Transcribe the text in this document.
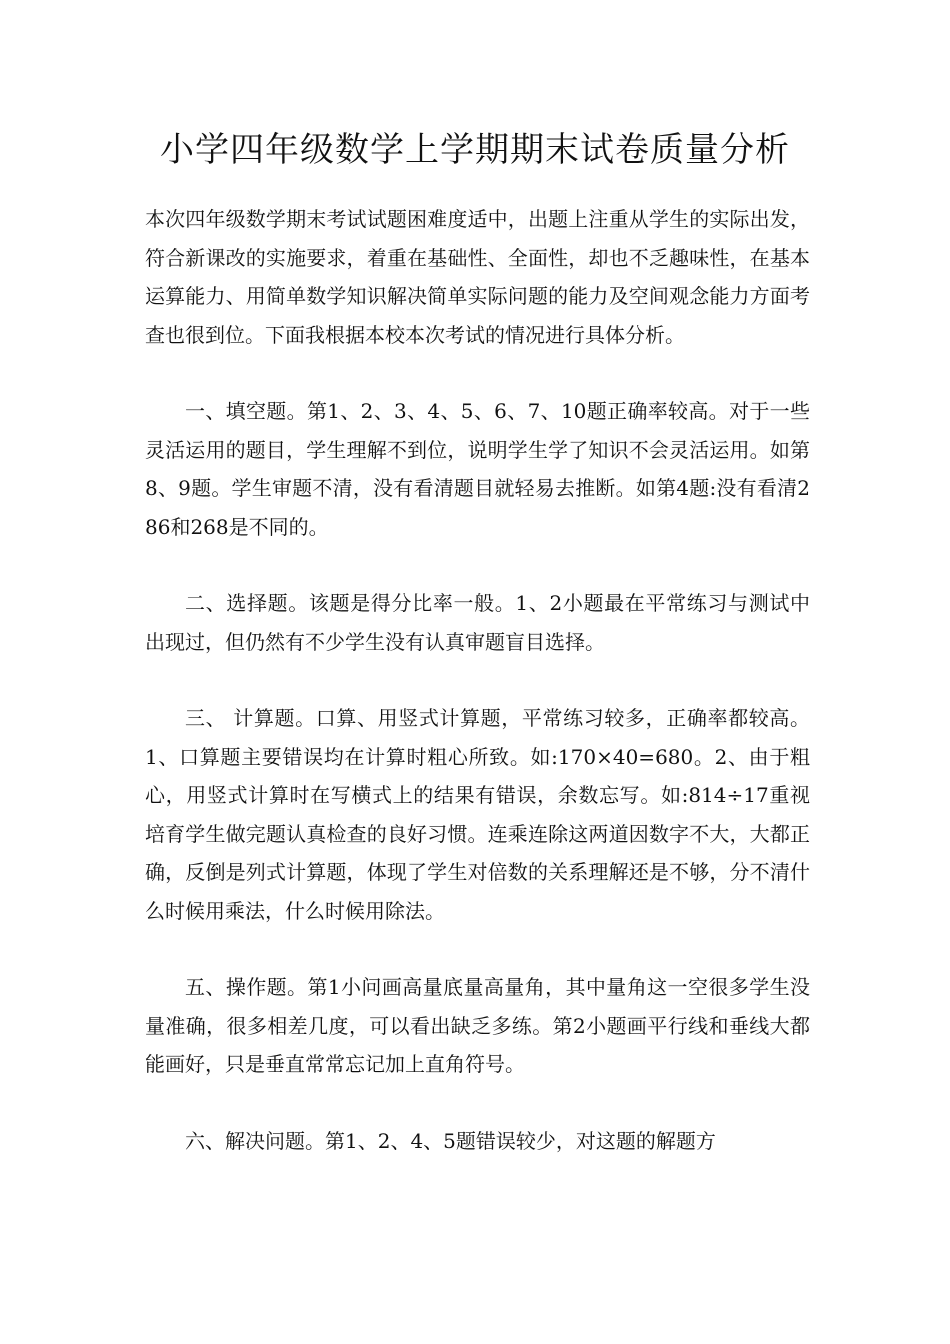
小学四年级数学上学期期末试卷质量分析

本次四年级数学期末考试试题困难度适中，出题上注重从学生的实际出发，符合新课改的实施要求，着重在基础性、全面性，却也不乏趣味性，在基本运算能力、用简单数学知识解决简单实际问题的能力及空间观念能力方面考查也很到位。下面我根据本校本次考试的情况进行具体分析。

一、填空题。第1、2、3、4、5、6、7、10题正确率较高。对于一些灵活运用的题目，学生理解不到位，说明学生学了知识不会灵活运用。如第8、9题。学生审题不清，没有看清题目就轻易去推断。如第4题:没有看清286和268是不同的。

二、选择题。该题是得分比率一般。1、2小题最在平常练习与测试中出现过，但仍然有不少学生没有认真审题盲目选择。

三、 计算题。口算、用竖式计算题，平常练习较多，正确率都较高。1、口算题主要错误均在计算时粗心所致。如:170×40=680。2、由于粗心，用竖式计算时在写横式上的结果有错误，余数忘写。如:814÷17重视培育学生做完题认真检查的良好习惯。连乘连除这两道因数字不大，大都正确，反倒是列式计算题，体现了学生对倍数的关系理解还是不够，分不清什么时候用乘法，什么时候用除法。

五、操作题。第1小问画高量底量高量角，其中量角这一空很多学生没量准确，很多相差几度，可以看出缺乏多练。第2小题画平行线和垂线大都能画好，只是垂直常常忘记加上直角符号。

六、解决问题。第1、2、4、5题错误较少，对这题的解题方
